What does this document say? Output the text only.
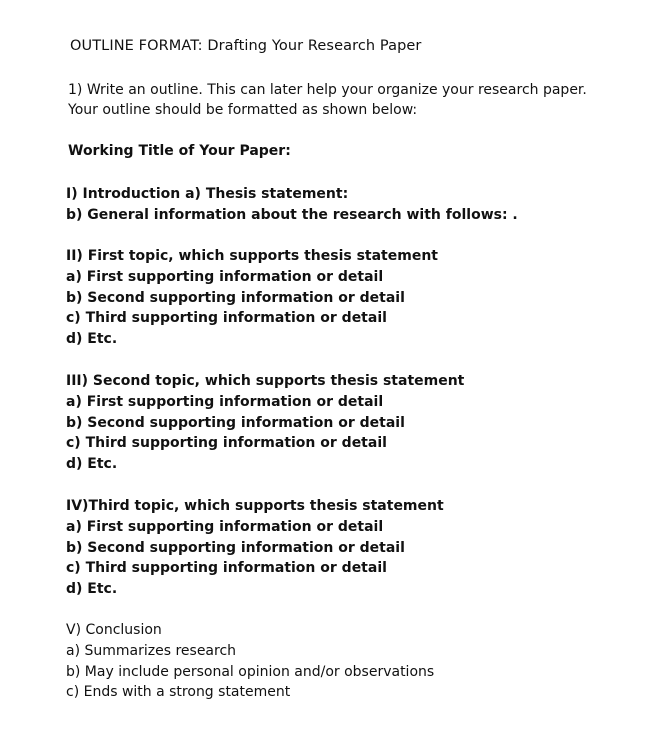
OUTLINE FORMAT: Drafting Your Research Paper
1) Write an outline. This can later help your organize your research paper.
Your outline should be formatted as shown below:
Working Title of Your Paper:
I) Introduction a) Thesis statement:
b) General information about the research with follows: .
II) First topic, which supports thesis statement
a) First supporting information or detail
b) Second supporting information or detail
c) Third supporting information or detail
d) Etc.
III) Second topic, which supports thesis statement
a) First supporting information or detail
b) Second supporting information or detail
c) Third supporting information or detail
d) Etc.
IV)Third topic, which supports thesis statement
a) First supporting information or detail
b) Second supporting information or detail
c) Third supporting information or detail
d) Etc.
V) Conclusion
a) Summarizes research
b) May include personal opinion and/or observations
c) Ends with a strong statement
